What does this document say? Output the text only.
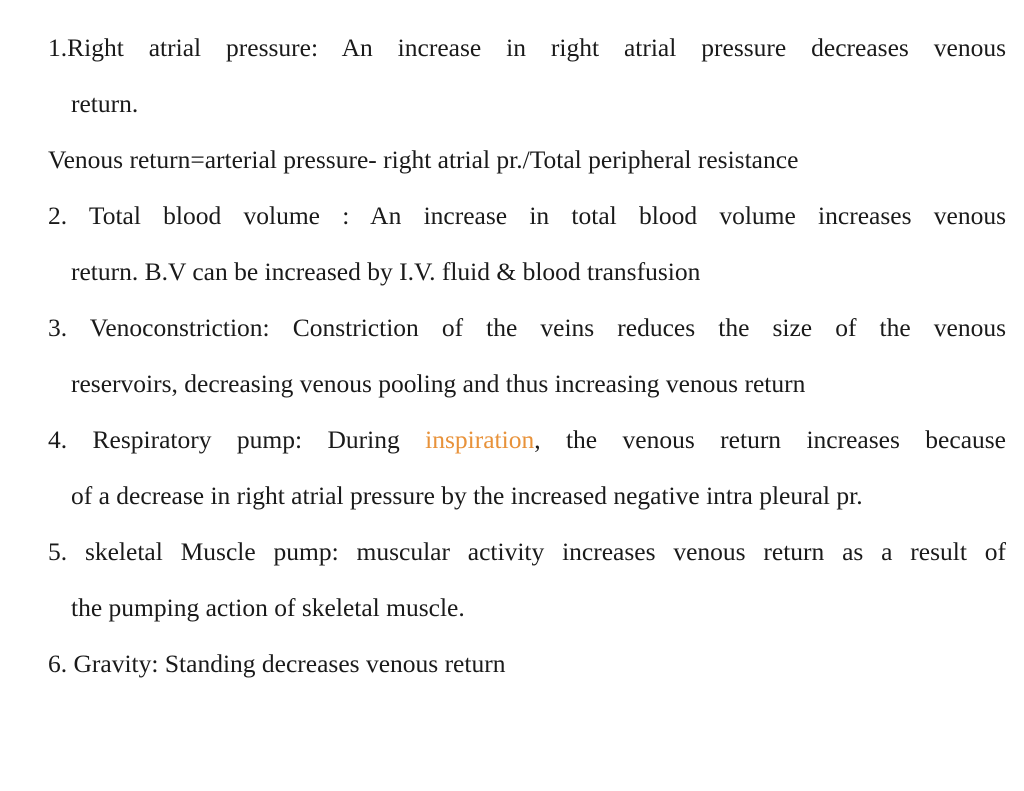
1.Right atrial pressure: An increase in right atrial pressure decreases venous
return.
Venous return=arterial pressure- right atrial pr./Total peripheral resistance
2. Total blood volume : An increase in total blood volume increases venous
return. B.V can be increased by I.V. fluid & blood transfusion
3. Venoconstriction: Constriction of the veins reduces the size of the venous
reservoirs, decreasing venous pooling and thus increasing venous return
4. Respiratory pump: During inspiration, the venous return increases because
of a decrease in right atrial pressure by the increased negative intra pleural pr.
5. skeletal Muscle pump: muscular activity increases venous return as a result of
the pumping action of skeletal muscle.
6. Gravity: Standing decreases venous return
